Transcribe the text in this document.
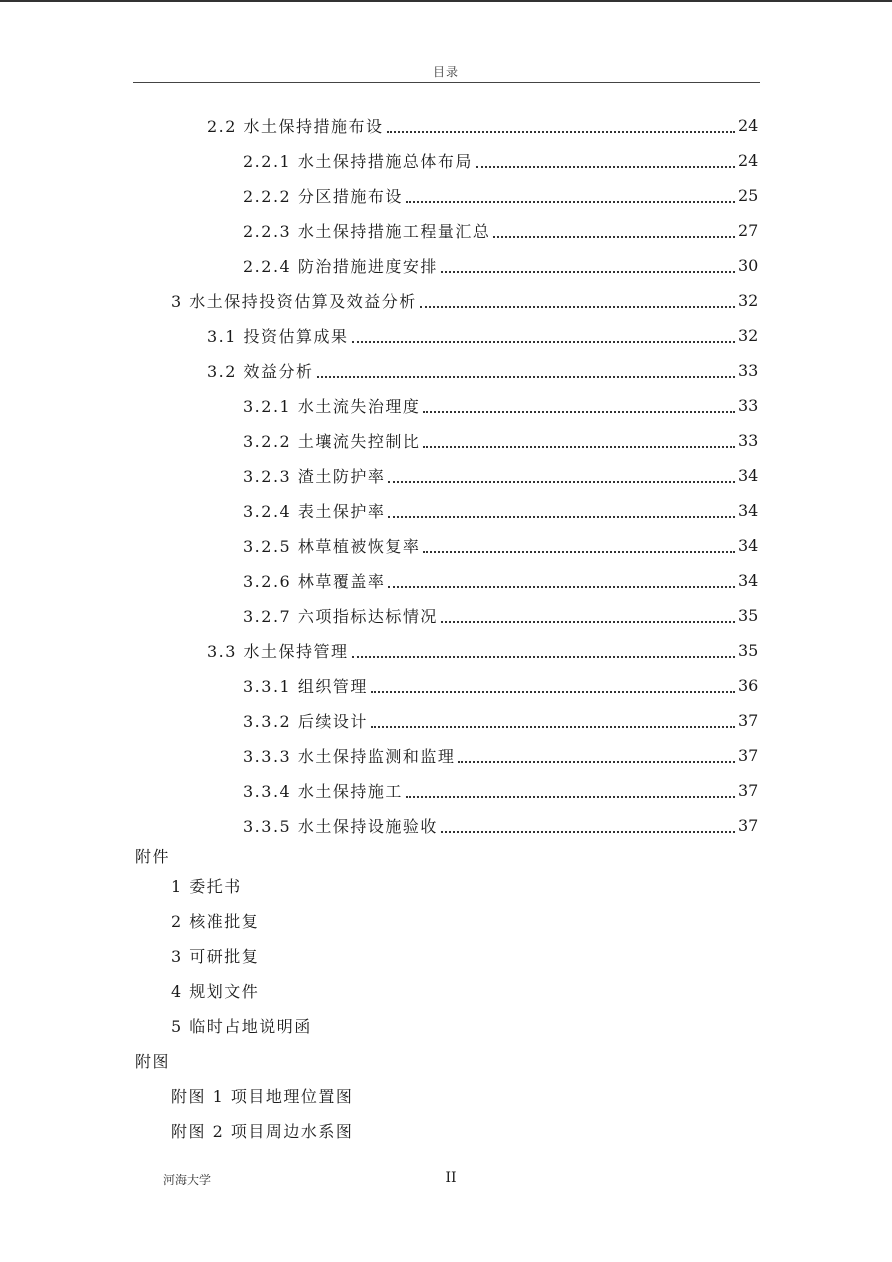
目录
2.2 水土保持措施布设	24
2.2.1 水土保持措施总体布局	24
2.2.2 分区措施布设	25
2.2.3 水土保持措施工程量汇总	27
2.2.4 防治措施进度安排	30
3 水土保持投资估算及效益分析	32
3.1 投资估算成果	32
3.2 效益分析	33
3.2.1 水土流失治理度	33
3.2.2 土壤流失控制比	33
3.2.3 渣土防护率	34
3.2.4 表土保护率	34
3.2.5 林草植被恢复率	34
3.2.6 林草覆盖率	34
3.2.7 六项指标达标情况	35
3.3 水土保持管理	35
3.3.1 组织管理	36
3.3.2 后续设计	37
3.3.3 水土保持监测和监理	37
3.3.4 水土保持施工	37
3.3.5 水土保持设施验收	37
附件
1 委托书
2 核准批复
3 可研批复
4 规划文件
5 临时占地说明函
附图
附图 1 项目地理位置图
附图 2 项目周边水系图
河海大学	II
